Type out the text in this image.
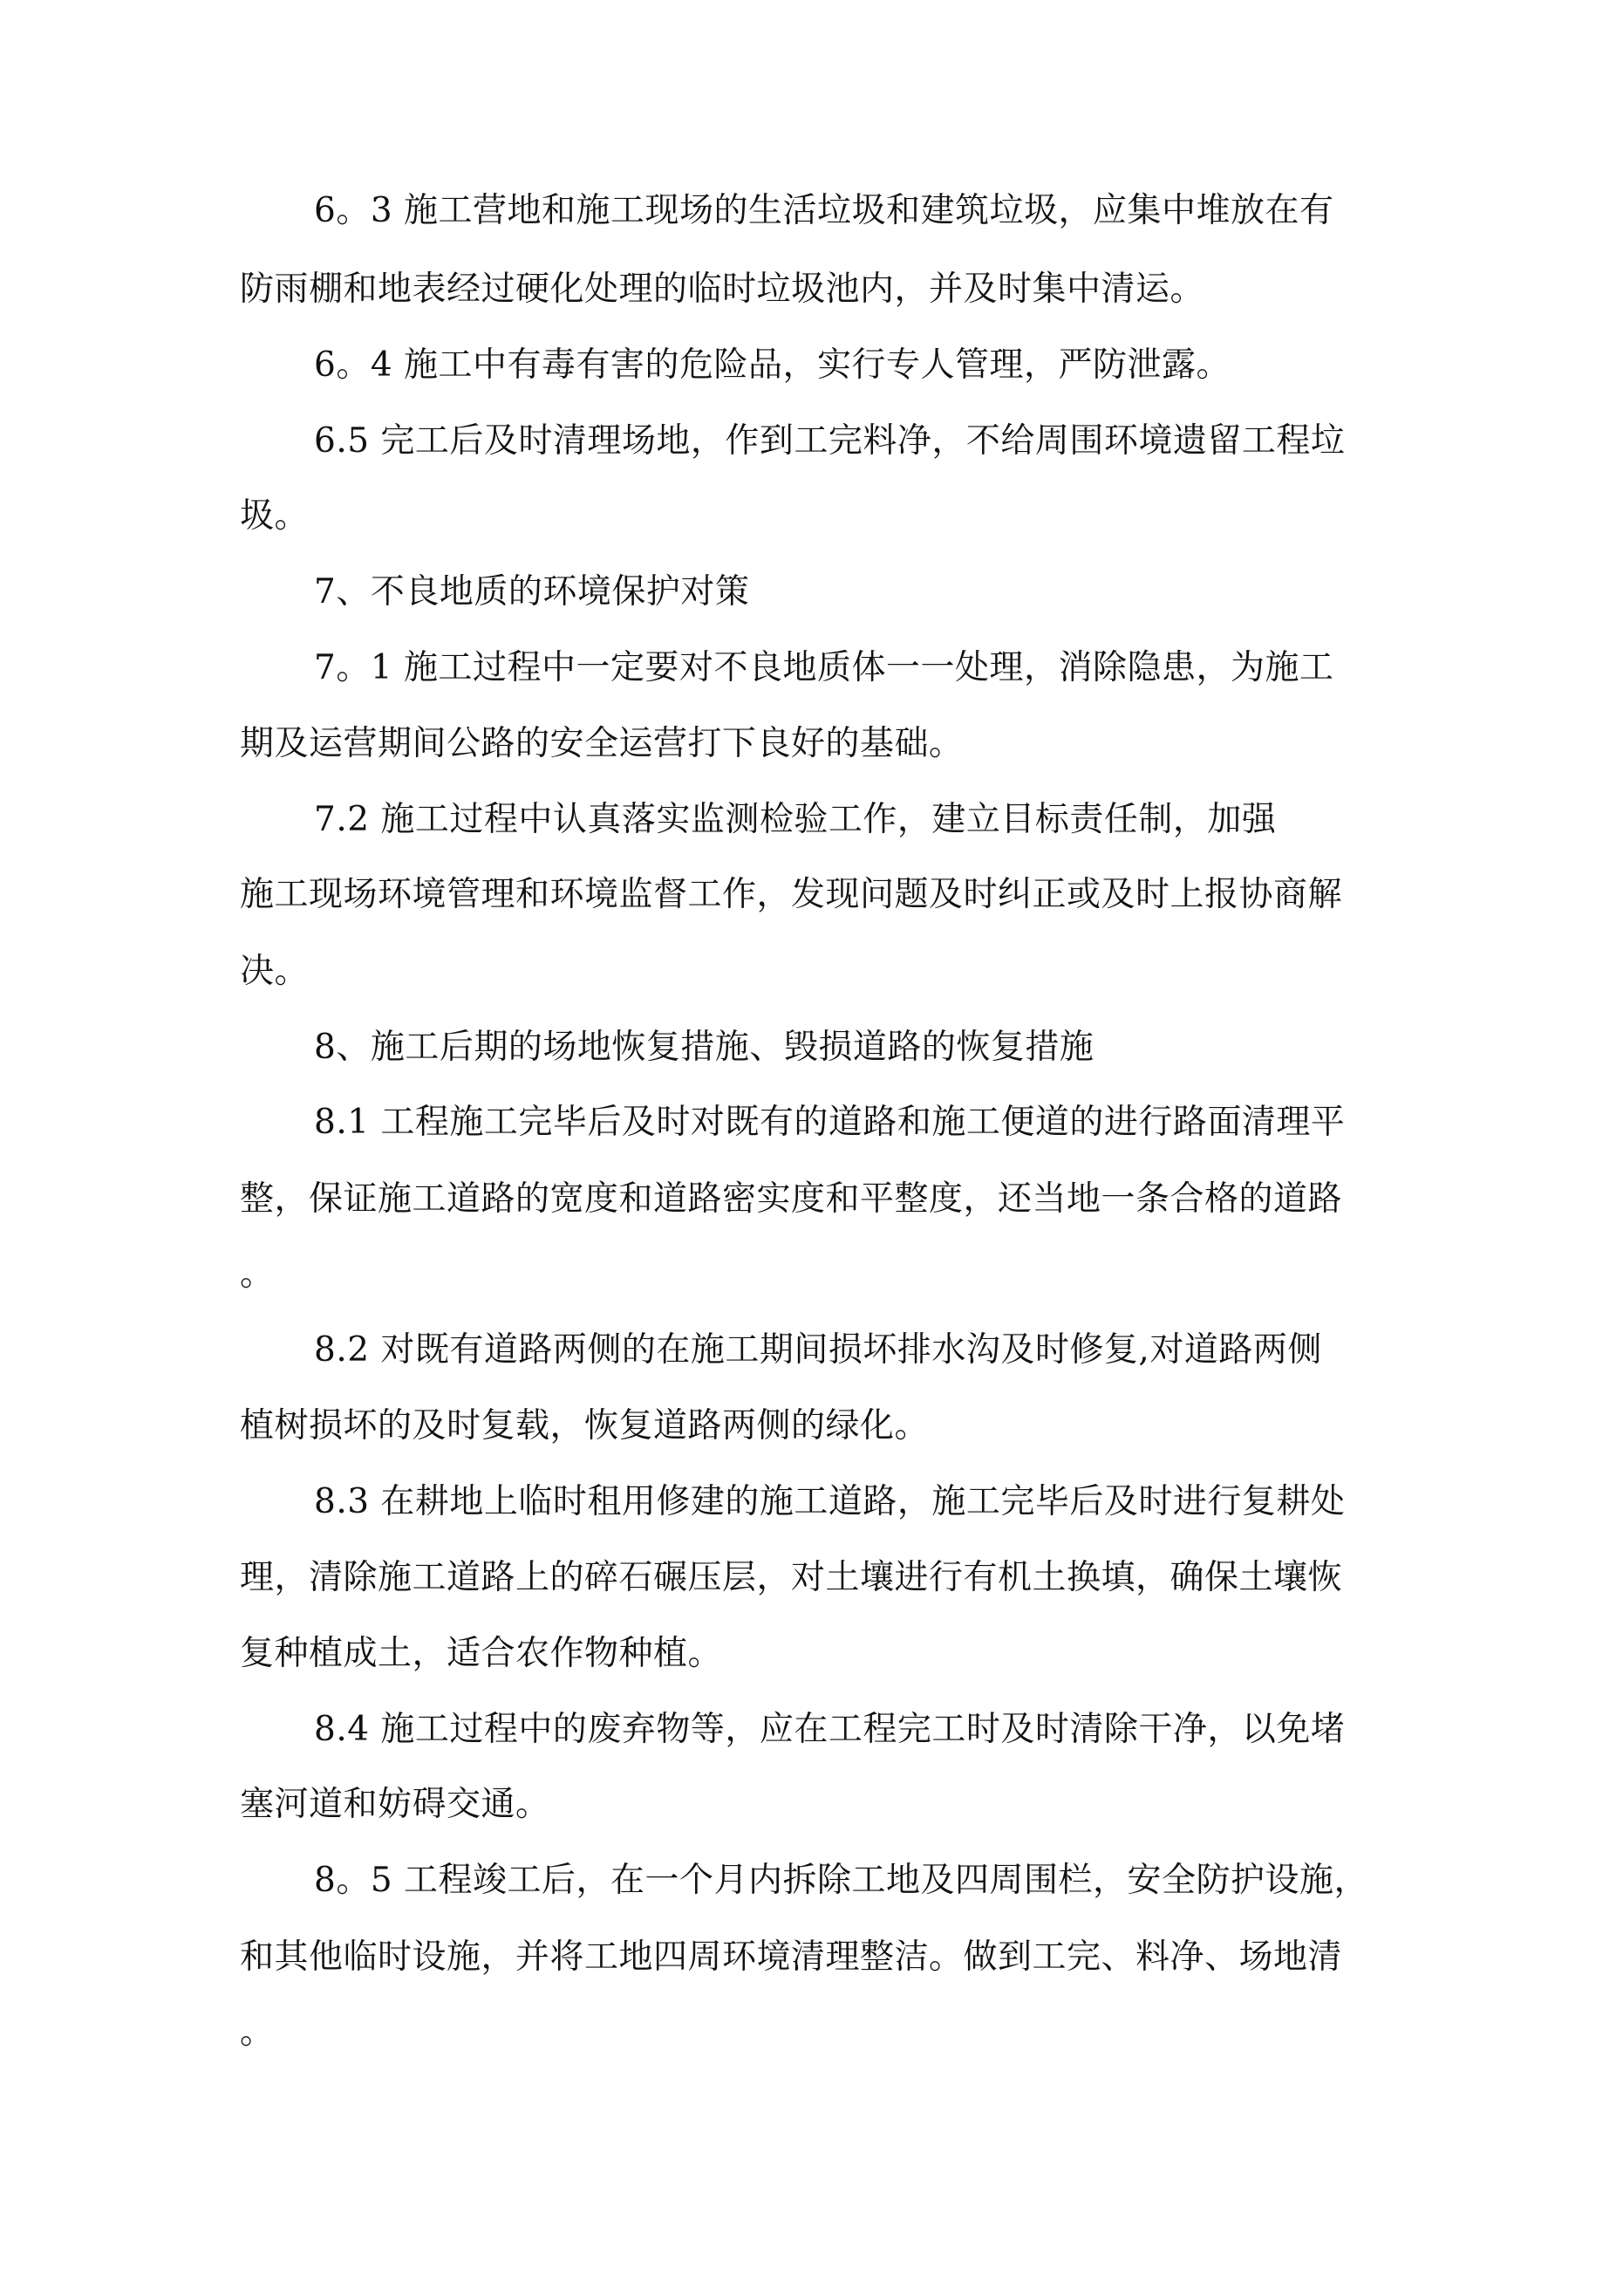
6。3 施工营地和施工现场的生活垃圾和建筑垃圾，应集中堆放在有
防雨棚和地表经过硬化处理的临时垃圾池内，并及时集中清运。
6。4 施工中有毒有害的危险品，实行专人管理，严防泄露。
6.5 完工后及时清理场地，作到工完料净，不给周围环境遗留工程垃
圾。
7、不良地质的环境保护对策
7。1 施工过程中一定要对不良地质体一一处理，消除隐患，为施工
期及运营期间公路的安全运营打下良好的基础。
7.2 施工过程中认真落实监测检验工作，建立目标责任制，加强
施工现场环境管理和环境监督工作，发现问题及时纠正或及时上报协商解
决。
8、施工后期的场地恢复措施、毁损道路的恢复措施
8.1 工程施工完毕后及时对既有的道路和施工便道的进行路面清理平
整，保证施工道路的宽度和道路密实度和平整度，还当地一条合格的道路
。
8.2 对既有道路两侧的在施工期间损坏排水沟及时修复,对道路两侧
植树损坏的及时复载，恢复道路两侧的绿化。
8.3 在耕地上临时租用修建的施工道路，施工完毕后及时进行复耕处
理，清除施工道路上的碎石碾压层，对土壤进行有机土换填，确保土壤恢
复种植成土，适合农作物种植。
8.4 施工过程中的废弃物等，应在工程完工时及时清除干净，以免堵
塞河道和妨碍交通。
8。5 工程竣工后，在一个月内拆除工地及四周围栏，安全防护设施，
和其他临时设施，并将工地四周环境清理整洁。做到工完、料净、场地清
。
